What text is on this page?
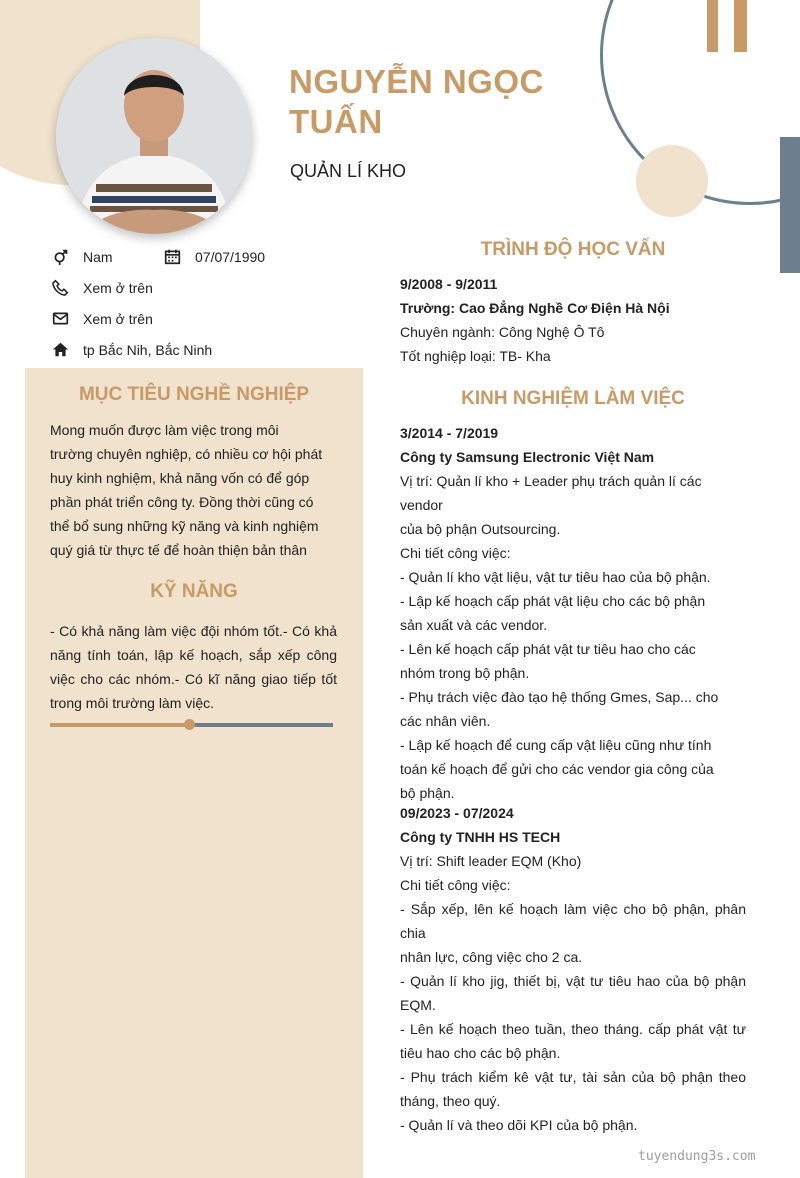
NGUYỄN NGỌC TUẤN
QUẢN LÍ KHO
Nam	07/07/1990
Xem ở trên
Xem ở trên
tp Bắc Nih, Bắc Ninh
MỤC TIÊU NGHỀ NGHIỆP
Mong muốn được làm việc trong môi
trường chuyên nghiệp, có nhiều cơ hội phát
huy kinh nghiệm, khả năng vốn có để góp
phần phát triển công ty. Đồng thời cũng có
thể bổ sung những kỹ năng và kinh nghiệm
quý giá từ thực tế để hoàn thiện bản thân
KỸ NĂNG
- Có khả năng làm việc đội nhóm tốt.- Có khả
năng tính toán, lập kế hoạch, sắp xếp công
việc cho các nhóm.- Có kĩ năng giao tiếp tốt
trong môi trường làm việc.
TRÌNH ĐỘ HỌC VẤN

9/2008 - 9/2011

Trường: Cao Đẳng Nghề Cơ Điện Hà Nội

Chuyên ngành: Công Nghệ Ô Tô

Tốt nghiệp loại: TB- Kha

KINH NGHIỆM LÀM VIỆC

3/2014 - 7/2019

Công ty Samsung Electronic Việt Nam

Vị trí: Quản lí kho + Leader phụ trách quản lí các vendor

của bộ phận Outsourcing.

Chi tiết công việc:

- Quản lí kho vật liệu, vật tư tiêu hao của bộ phận.

- Lập kế hoạch cấp phát vật liệu cho các bộ phận

sản xuất và các vendor.

- Lên kế hoạch cấp phát vật tư tiêu hao cho các

nhóm trong bộ phận.

- Phụ trách việc đào tạo hệ thống Gmes, Sap... cho

các nhân viên.

- Lập kế hoạch để cung cấp vật liệu cũng như tính

toán kế hoạch để gửi cho các vendor gia công của

bộ phận.

09/2023 - 07/2024

Công ty TNHH HS TECH

Vị trí: Shift leader EQM (Kho)

Chi tiết công việc:

- Sắp xếp, lên kế hoạch làm việc cho bộ phận, phân chia

nhân lực, công việc cho 2 ca.

- Quản lí kho jig, thiết bị, vật tư tiêu hao của bộ phận

EQM.

- Lên kế hoạch theo tuần, theo tháng. cấp phát vật tư

tiêu hao cho các bộ phận.

- Phụ trách kiểm kê vật tư, tài sản của bộ phận theo

tháng, theo quý.

- Quản lí và theo dõi KPI của bộ phận.

tuyendung3s.com
